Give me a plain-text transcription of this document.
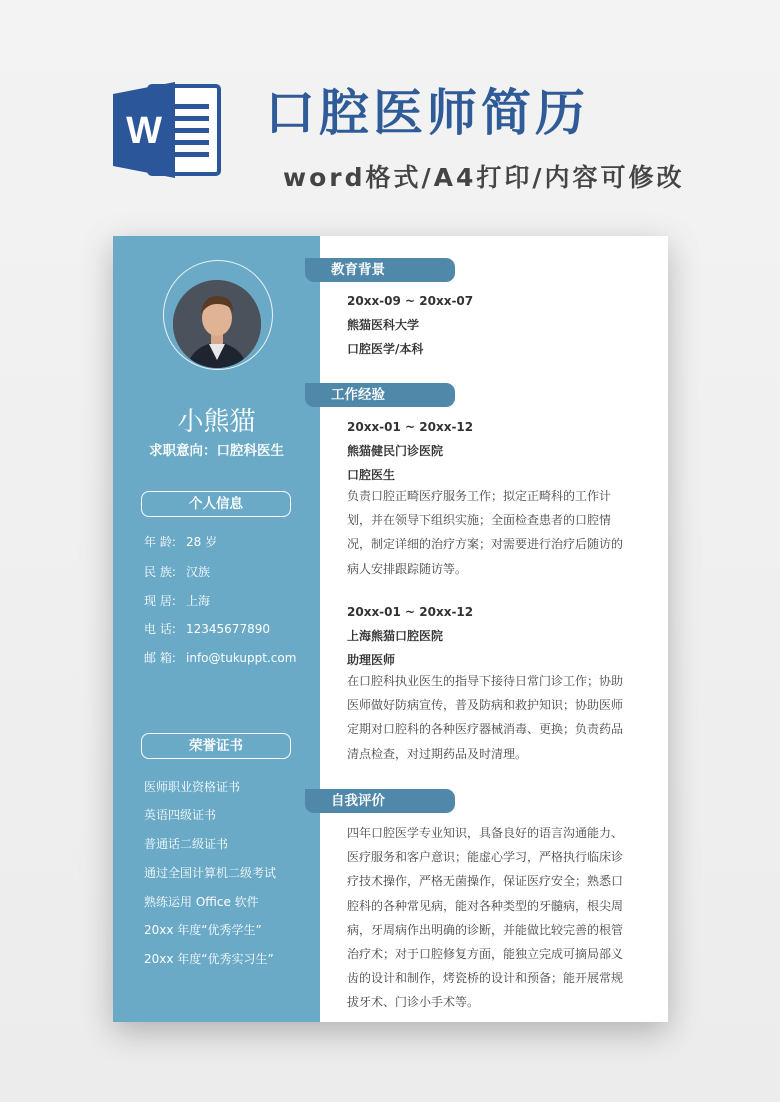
W 口腔医师简历
word格式/A4打印/内容可修改
小熊猫
求职意向：口腔科医生
个人信息
年 龄: 28 岁
民 族: 汉族
现 居: 上海
电 话: 12345677890
邮 箱: info@tukuppt.com
荣誉证书
医师职业资格证书
英语四级证书
普通话二级证书
通过全国计算机二级考试
熟练运用 Office 软件
20xx 年度“优秀学生”
20xx 年度“优秀实习生”
教育背景
20xx-09 ~ 20xx-07
熊猫医科大学
口腔医学/本科
工作经验
20xx-01 ~ 20xx-12
熊猫健民门诊医院
口腔医生
负责口腔正畸医疗服务工作；拟定正畸科的工作计划，并在领导下组织实施；全面检查患者的口腔情况，制定详细的治疗方案；对需要进行治疗后随访的病人安排跟踪随访等。
20xx-01 ~ 20xx-12
上海熊猫口腔医院
助理医师
在口腔科执业医生的指导下接待日常门诊工作；协助医师做好防病宣传，普及防病和救护知识；协助医师定期对口腔科的各种医疗器械消毒、更换；负责药品清点检查，对过期药品及时清理。
自我评价
四年口腔医学专业知识，具备良好的语言沟通能力、医疗服务和客户意识；能虚心学习，严格执行临床诊疗技术操作，严格无菌操作，保证医疗安全；熟悉口腔科的各种常见病，能对各种类型的牙髓病，根尖周病，牙周病作出明确的诊断，并能做比较完善的根管治疗术；对于口腔修复方面，能独立完成可摘局部义齿的设计和制作，烤瓷桥的设计和预备；能开展常规拔牙术、门诊小手术等。
